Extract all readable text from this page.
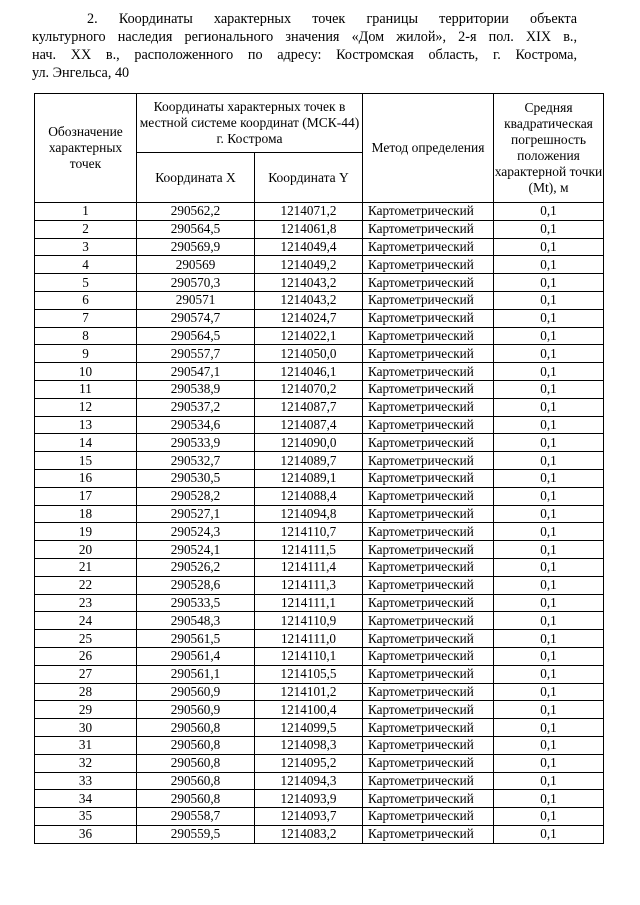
2. Координаты характерных точек границы территории объекта
культурного наследия регионального значения «Дом жилой», 2-я пол. XIX в.,
нач. XX в., расположенного по адресу: Костромская область, г. Кострома,
ул. Энгельса, 40
Обозначение характерных точек	Координаты характерных точек в местной системе координат (МСК-44) г. Кострома		Метод определения	Средняя квадратическая погрешность положения характерной точки (Mt), м
	Координата X	Координата Y		
1	290562,2	1214071,2	Картометрический	0,1
2	290564,5	1214061,8	Картометрический	0,1
3	290569,9	1214049,4	Картометрический	0,1
4	290569	1214049,2	Картометрический	0,1
5	290570,3	1214043,2	Картометрический	0,1
6	290571	1214043,2	Картометрический	0,1
7	290574,7	1214024,7	Картометрический	0,1
8	290564,5	1214022,1	Картометрический	0,1
9	290557,7	1214050,0	Картометрический	0,1
10	290547,1	1214046,1	Картометрический	0,1
11	290538,9	1214070,2	Картометрический	0,1
12	290537,2	1214087,7	Картометрический	0,1
13	290534,6	1214087,4	Картометрический	0,1
14	290533,9	1214090,0	Картометрический	0,1
15	290532,7	1214089,7	Картометрический	0,1
16	290530,5	1214089,1	Картометрический	0,1
17	290528,2	1214088,4	Картометрический	0,1
18	290527,1	1214094,8	Картометрический	0,1
19	290524,3	1214110,7	Картометрический	0,1
20	290524,1	1214111,5	Картометрический	0,1
21	290526,2	1214111,4	Картометрический	0,1
22	290528,6	1214111,3	Картометрический	0,1
23	290533,5	1214111,1	Картометрический	0,1
24	290548,3	1214110,9	Картометрический	0,1
25	290561,5	1214111,0	Картометрический	0,1
26	290561,4	1214110,1	Картометрический	0,1
27	290561,1	1214105,5	Картометрический	0,1
28	290560,9	1214101,2	Картометрический	0,1
29	290560,9	1214100,4	Картометрический	0,1
30	290560,8	1214099,5	Картометрический	0,1
31	290560,8	1214098,3	Картометрический	0,1
32	290560,8	1214095,2	Картометрический	0,1
33	290560,8	1214094,3	Картометрический	0,1
34	290560,8	1214093,9	Картометрический	0,1
35	290558,7	1214093,7	Картометрический	0,1
36	290559,5	1214083,2	Картометрический	0,1
